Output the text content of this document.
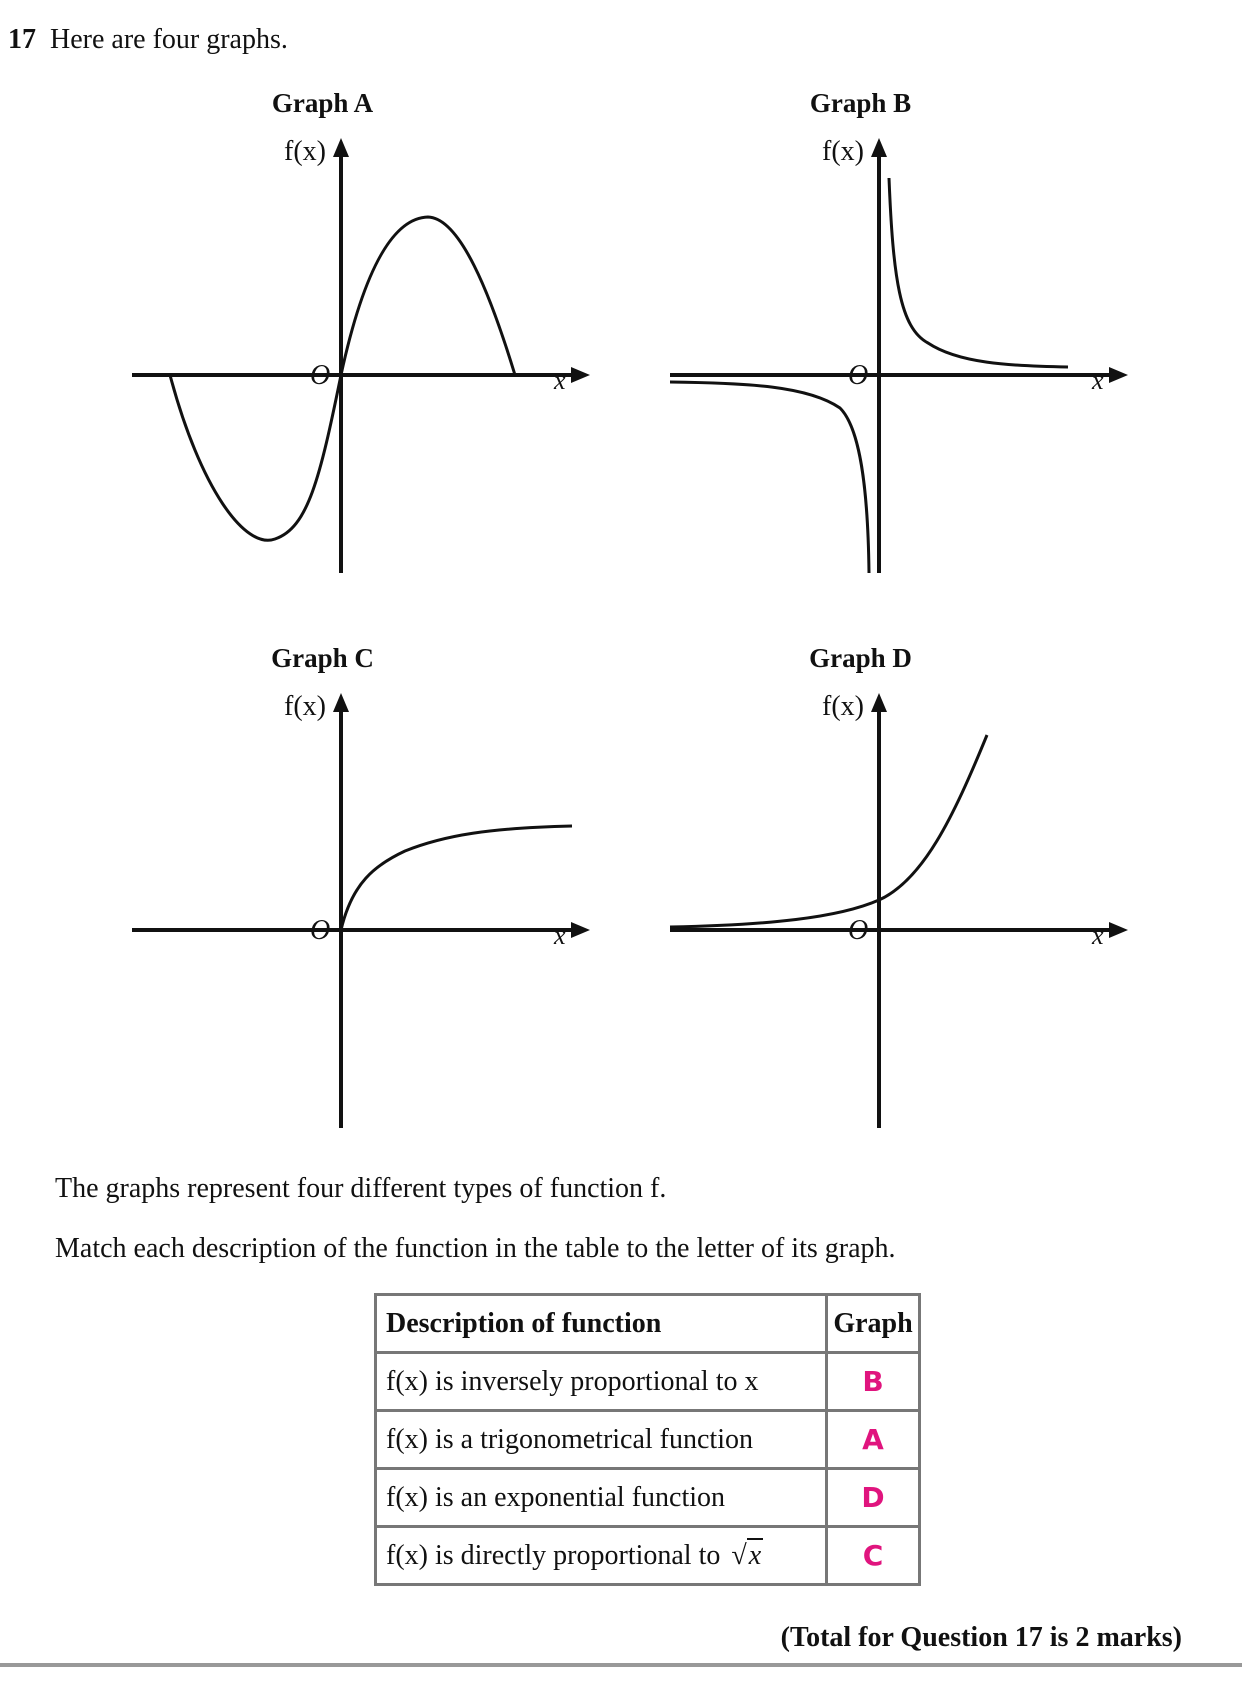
17 Here are four graphs.
Graph A
f(x)
O	x
Graph B
f(x)
O	x
Graph C
f(x)
O	x
Graph D
f(x)
O	x
The graphs represent four different types of function f.
Match each description of the function in the table to the letter of its graph.
Description of function	Graph
f(x) is inversely proportional to x	B
f(x) is a trigonometrical function	A
f(x) is an exponential function	D
f(x) is directly proportional to √x	C
(Total for Question 17 is 2 marks)
